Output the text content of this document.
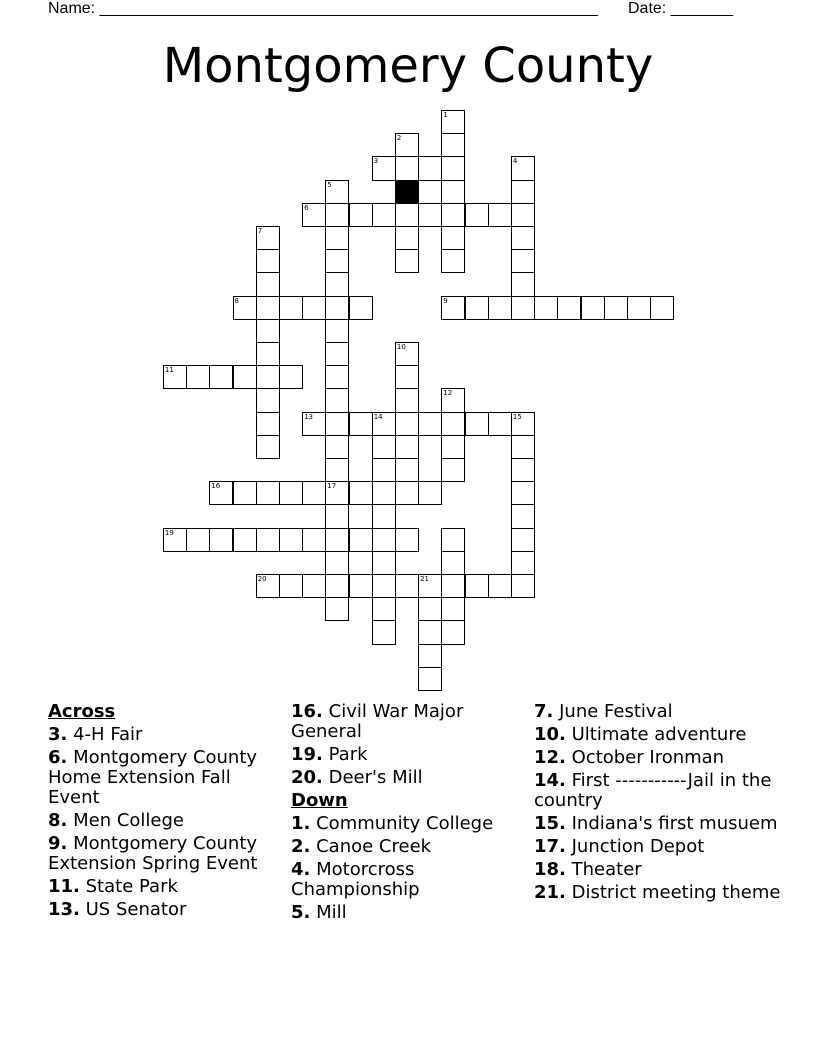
Name: ________________________________________________________ Date: _______
Montgomery County
1
2
3	4
5
17
6
7
8	9
10
11
12
13	14	15
16
19
20	21
Across
3. 4-H Fair
6. Montgomery County Home Extension Fall Event
8. Men College
9. Montgomery County Extension Spring Event
11. State Park
13. US Senator
16. Civil War Major General
19. Park
20. Deer's Mill
Down
1. Community College
2. Canoe Creek
4. Motorcross Championship
5. Mill
7. June Festival
10. Ultimate adventure
12. October Ironman
14. First -----------Jail in the country
15. Indiana's first musuem
17. Junction Depot
18. Theater
21. District meeting theme
